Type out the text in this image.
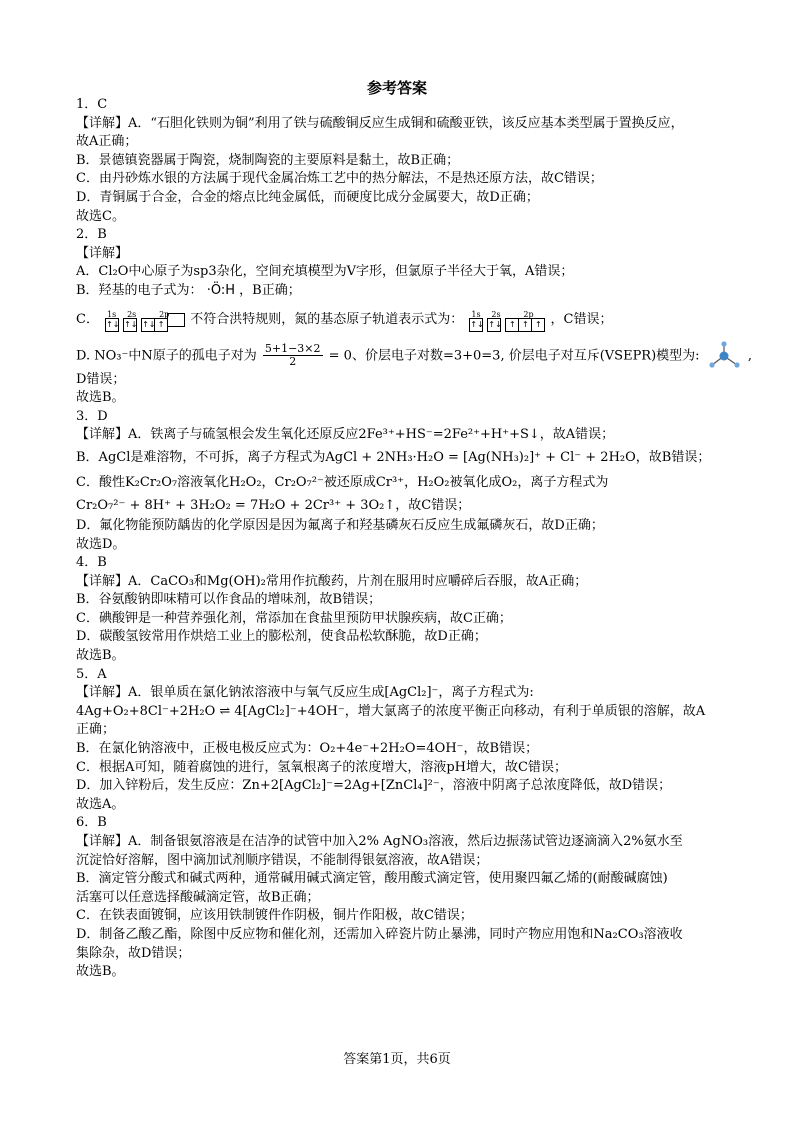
参考答案
1．C
【详解】A．“石胆化铁则为铜”利用了铁与硫酸铜反应生成铜和硫酸亚铁，该反应基本类型属于置换反应，
故A正确；
B．景德镇瓷器属于陶瓷，烧制陶瓷的主要原料是黏土，故B正确；
C．由丹砂炼水银的方法属于现代金属冶炼工艺中的热分解法，不是热还原方法，故C错误；
D．青铜属于合金，合金的熔点比纯金属低，而硬度比成分金属要大，故D正确；
故选C。
2．B
【详解】
A．Cl₂O中心原子为sp3杂化，空间充填模型为V字形，但氯原子半径大于氧，A错误；
B．羟基的电子式为： ·Ö:H ，B正确；
C． 1s 2s	2p
↑↓ ↑↓ ↑↓ ↑ 不符合洪特规则，氮的基态原子轨道表示式为： 1s 2s	2p
↑↓ ↑↓ ↑ ↑ ↑ ，C错误；
D. NO₃⁻中N原子的孤电子对为 $\frac{5+1-3\times 2}{2} = 0$、价层电子对数=3+0=3, 价层电子对互斥(VSEPR)模型为:	,
D错误；
故选B。
3．D
【详解】A．铁离子与硫氢根会发生氧化还原反应2Fe³⁺+HS⁻=2Fe²⁺+H⁺+S↓，故A错误；
B．AgCl是难溶物，不可拆，离子方程式为AgCl + 2NH₃·H₂O = [Ag(NH₃)₂]⁺ + Cl⁻ + 2H₂O，故B错误；
C．酸性K₂Cr₂O₇溶液氧化H₂O₂，Cr₂O₇²⁻被还原成Cr³⁺，H₂O₂被氧化成O₂，离子方程式为
Cr₂O₇²⁻ + 8H⁺ + 3H₂O₂ = 7H₂O + 2Cr³⁺ + 3O₂↑，故C错误；
D．氟化物能预防龋齿的化学原因是因为氟离子和羟基磷灰石反应生成氟磷灰石，故D正确；
故选D。
4．B
【详解】A．CaCO₃和Mg(OH)₂常用作抗酸药，片剂在服用时应嚼碎后吞服，故A正确；
B．谷氨酸钠即味精可以作食品的增味剂，故B错误；
C．碘酸钾是一种营养强化剂，常添加在食盐里预防甲状腺疾病，故C正确；
D．碳酸氢铵常用作烘焙工业上的膨松剂，使食品松软酥脆，故D正确；
故选B。
5．A
【详解】A．银单质在氯化钠浓溶液中与氧气反应生成[AgCl₂]⁻，离子方程式为:
4Ag+O₂+8Cl⁻+2H₂O ⇌ 4[AgCl₂]⁻+4OH⁻，增大氯离子的浓度平衡正向移动，有利于单质银的溶解，故A
正确；
B．在氯化钠溶液中，正极电极反应式为：O₂+4e⁻+2H₂O=4OH⁻，故B错误；
C．根据A可知，随着腐蚀的进行，氢氧根离子的浓度增大，溶液pH增大，故C错误；
D．加入锌粉后，发生反应：Zn+2[AgCl₂]⁻=2Ag+[ZnCl₄]²⁻，溶液中阴离子总浓度降低，故D错误；
故选A。
6．B
【详解】A．制备银氨溶液是在洁净的试管中加入2% AgNO₃溶液，然后边振荡试管边逐滴滴入2%氨水至
沉淀恰好溶解，图中滴加试剂顺序错误，不能制得银氨溶液，故A错误；
B．滴定管分酸式和碱式两种，通常碱用碱式滴定管，酸用酸式滴定管，使用聚四氟乙烯的(耐酸碱腐蚀)
活塞可以任意选择酸碱滴定管，故B正确；
C．在铁表面镀铜，应该用铁制镀件作阴极，铜片作阳极，故C错误；
D．制备乙酸乙酯，除图中反应物和催化剂，还需加入碎瓷片防止暴沸，同时产物应用饱和Na₂CO₃溶液收
集除杂，故D错误；
故选B。
答案第1页，共6页
